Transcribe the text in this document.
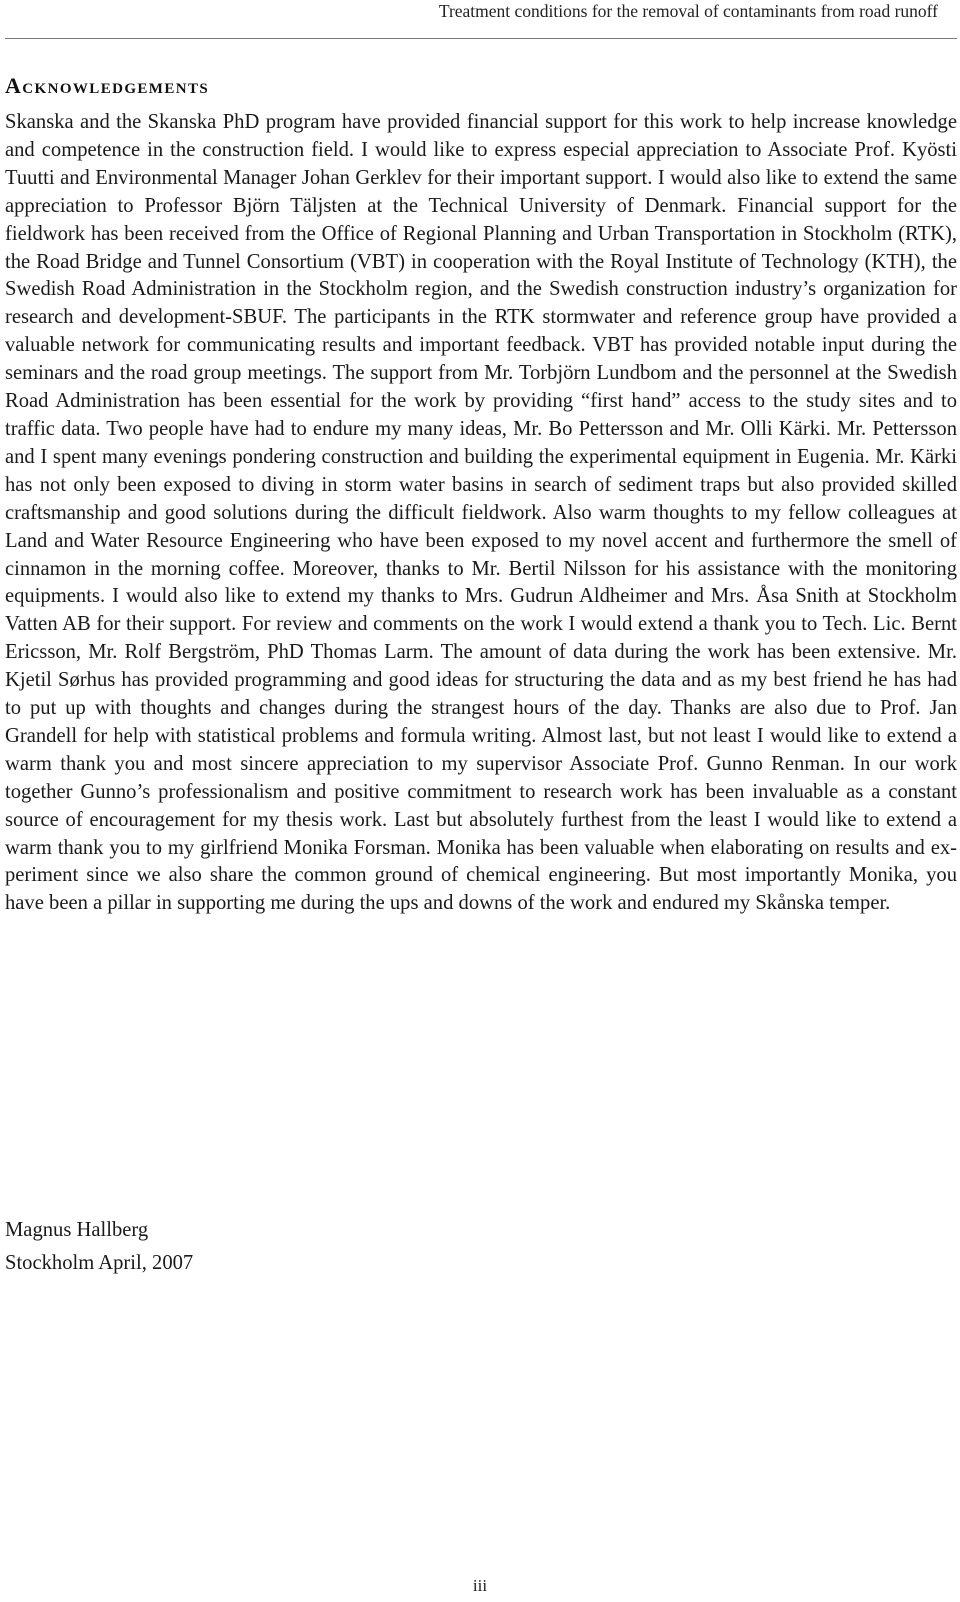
Treatment conditions for the removal of contaminants from road runoff
Acknowledgements

Skanska and the Skanska PhD program have provided financial support for this work to help increase knowledge and competence in the construction field. I would like to express especial appreciation to Associate Prof. Kyösti Tuutti and Environmental Manager Johan Gerklev for their important support. I would also like to extend the same appreciation to Professor Björn Täljsten at the Technical University of Denmark. Financial support for the fieldwork has been received from the Office of Regional Planning and Urban Transportation in Stockholm (RTK), the Road Bridge and Tunnel Consortium (VBT) in cooperation with the Royal Institute of Technology (KTH), the Swedish Road Administration in the Stockholm region, and the Swedish construction industry’s organization for research and development-SBUF. The participants in the RTK stormwater and reference group have provided a valuable network for communicating results and important feedback. VBT has provided notable input during the seminars and the road group meetings. The support from Mr. Torbjörn Lundbom and the personnel at the Swedish Road Administration has been essential for the work by providing “first hand” access to the study sites and to traffic data. Two people have had to endure my many ideas, Mr. Bo Pettersson and Mr. Olli Kärki. Mr. Pettersson and I spent many evenings pondering construction and building the experimental equipment in Eugenia. Mr. Kärki has not only been exposed to diving in storm water basins in search of sediment traps but also provided skilled craftsmanship and good solutions during the difficult fieldwork. Also warm thoughts to my fellow colleagues at Land and Water Resource Engineering who have been exposed to my novel accent and furthermore the smell of cinnamon in the morning coffee. Moreover, thanks to Mr. Bertil Nilsson for his assistance with the monitoring equipments. I would also like to extend my thanks to Mrs. Gudrun Aldheimer and Mrs. Åsa Snith at Stockholm Vatten AB for their support. For review and comments on the work I would extend a thank you to Tech. Lic. Bernt Ericsson, Mr. Rolf Bergström, PhD Thomas Larm. The amount of data during the work has been extensive. Mr. Kjetil Sørhus has provided programming and good ideas for structuring the data and as my best friend he has had to put up with thoughts and changes during the strangest hours of the day. Thanks are also due to Prof. Jan Grandell for help with statistical problems and formula writing. Almost last, but not least I would like to extend a warm thank you and most sincere appreciation to my supervisor Associate Prof. Gunno Renman. In our work together Gunno’s professionalism and positive commitment to research work has been invaluable as a constant source of encouragement for my thesis work. Last but absolutely furthest from the least I would like to extend a warm thank you to my girlfriend Monika Forsman. Monika has been valuable when elaborating on results and experiment since we also share the common ground of chemical engineering. But most importantly Monika, you have been a pillar in supporting me during the ups and downs of the work and endured my Skånska temper.

Magnus Hallberg
Stockholm April, 2007
iii
